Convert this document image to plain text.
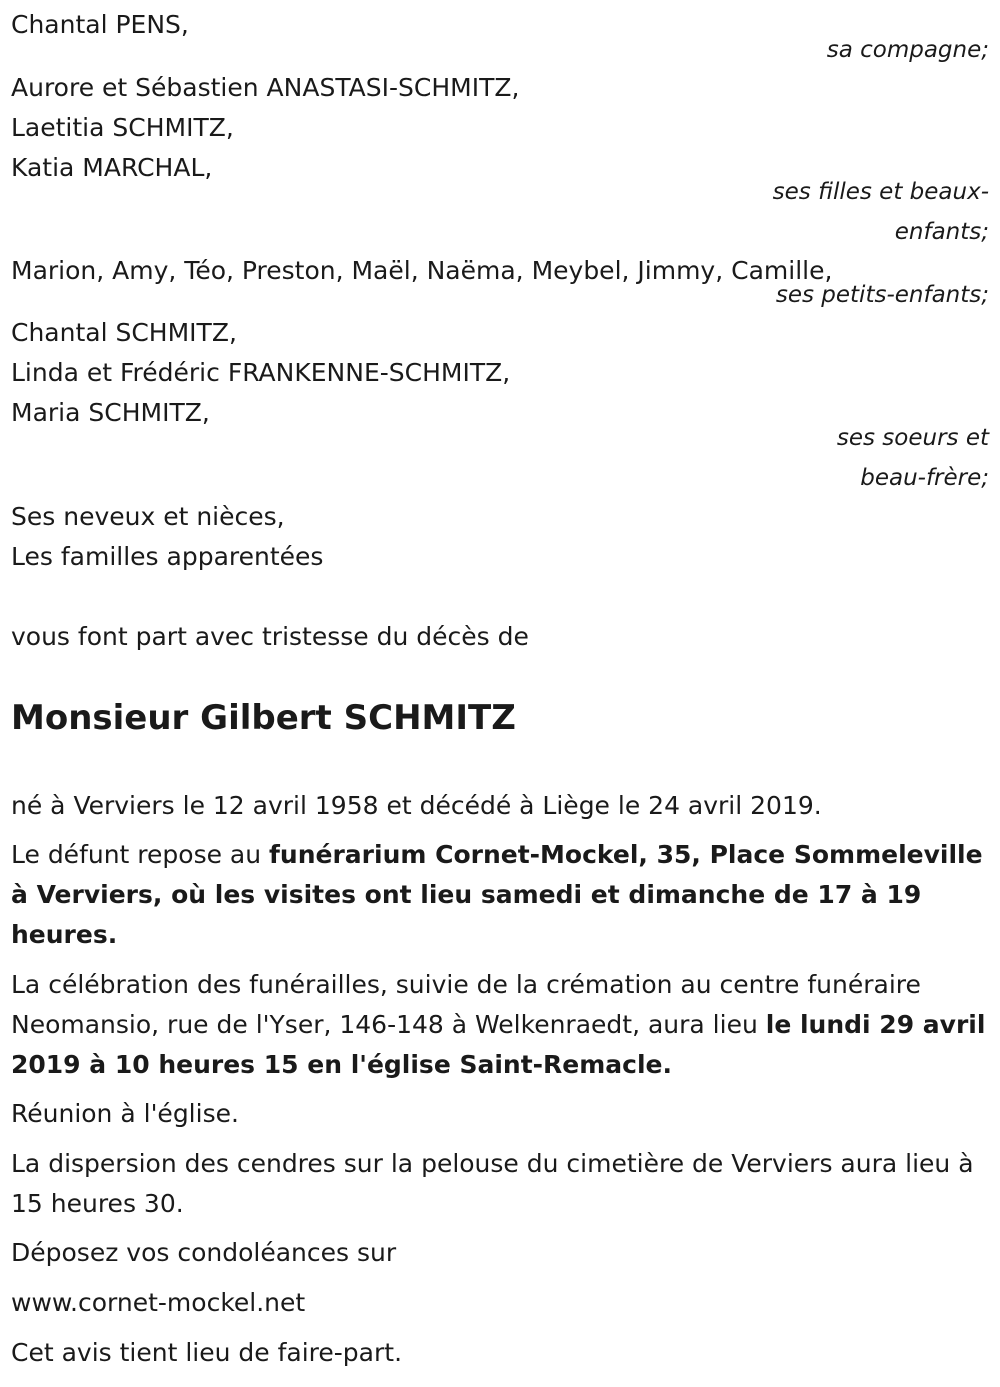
Chantal PENS,
sa compagne;
Aurore et Sébastien ANASTASI-SCHMITZ,
Laetitia SCHMITZ,
Katia MARCHAL,
ses filles et beaux-
enfants;
Marion, Amy, Téo, Preston, Maël, Naëma, Meybel, Jimmy, Camille,
ses petits-enfants;
Chantal SCHMITZ,
Linda et Frédéric FRANKENNE-SCHMITZ,
Maria SCHMITZ,
ses soeurs et
beau-frère;
Ses neveux et nièces,
Les familles apparentées
vous font part avec tristesse du décès de
Monsieur Gilbert SCHMITZ
né à Verviers le 12 avril 1958 et décédé à Liège le 24 avril 2019.
Le défunt repose au funérarium Cornet-Mockel, 35, Place Sommeleville à Verviers, où les visites ont lieu samedi et dimanche de 17 à 19 heures.
La célébration des funérailles, suivie de la crémation au centre funéraire Neomansio, rue de l'Yser, 146-148 à Welkenraedt, aura lieu le lundi 29 avril 2019 à 10 heures 15 en l'église Saint-Remacle.
Réunion à l'église.
La dispersion des cendres sur la pelouse du cimetière de Verviers aura lieu à 15 heures 30.
Déposez vos condoléances sur
www.cornet-mockel.net
Cet avis tient lieu de faire-part.
